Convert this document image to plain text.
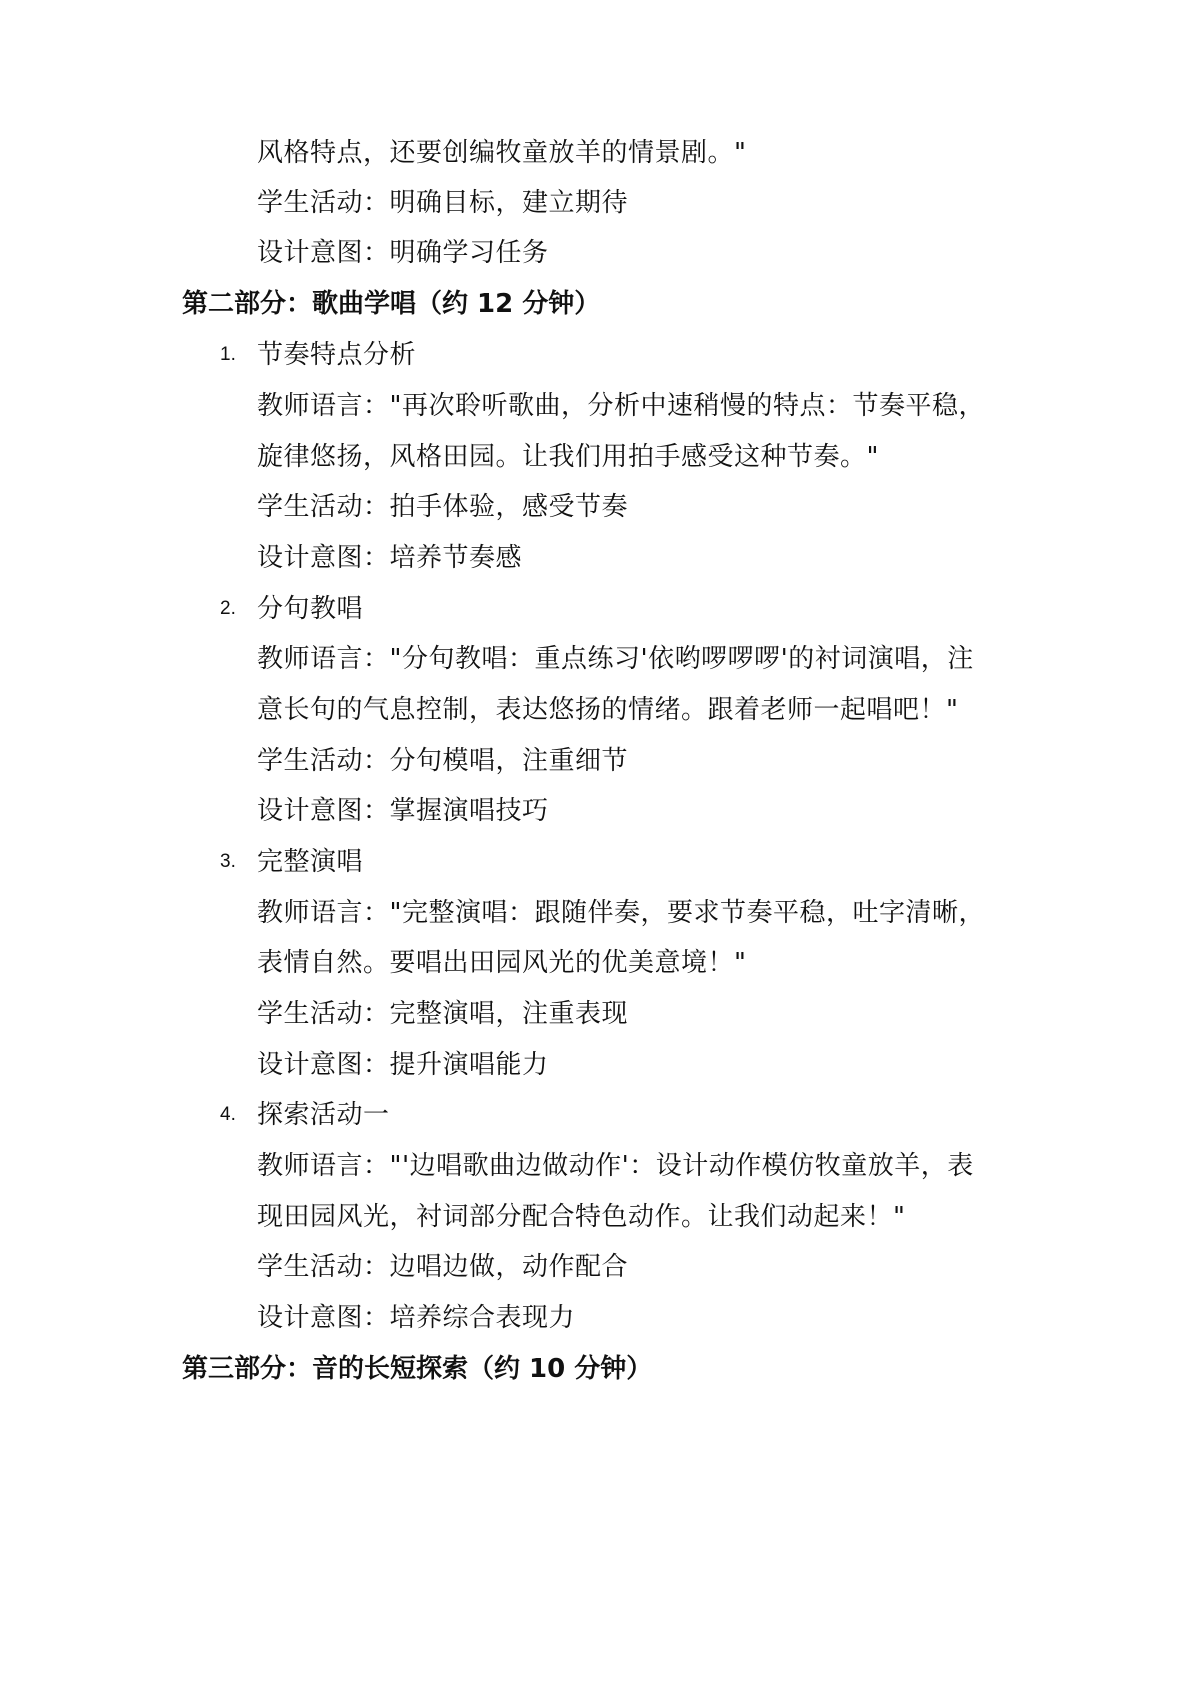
风格特点，还要创编牧童放羊的情景剧。"
学生活动：明确目标，建立期待
设计意图：明确学习任务
第二部分：歌曲学唱（约 12 分钟）
1. 节奏特点分析
教师语言："再次聆听歌曲，分析中速稍慢的特点：节奏平稳，
旋律悠扬，风格田园。让我们用拍手感受这种节奏。"
学生活动：拍手体验，感受节奏
设计意图：培养节奏感
2. 分句教唱
教师语言："分句教唱：重点练习'依哟啰啰啰'的衬词演唱，注
意长句的气息控制，表达悠扬的情绪。跟着老师一起唱吧！"
学生活动：分句模唱，注重细节
设计意图：掌握演唱技巧
3. 完整演唱
教师语言："完整演唱：跟随伴奏，要求节奏平稳，吐字清晰，
表情自然。要唱出田园风光的优美意境！"
学生活动：完整演唱，注重表现
设计意图：提升演唱能力
4. 探索活动一
教师语言："'边唱歌曲边做动作'：设计动作模仿牧童放羊，表
现田园风光，衬词部分配合特色动作。让我们动起来！"
学生活动：边唱边做，动作配合
设计意图：培养综合表现力
第三部分：音的长短探索（约 10 分钟）
